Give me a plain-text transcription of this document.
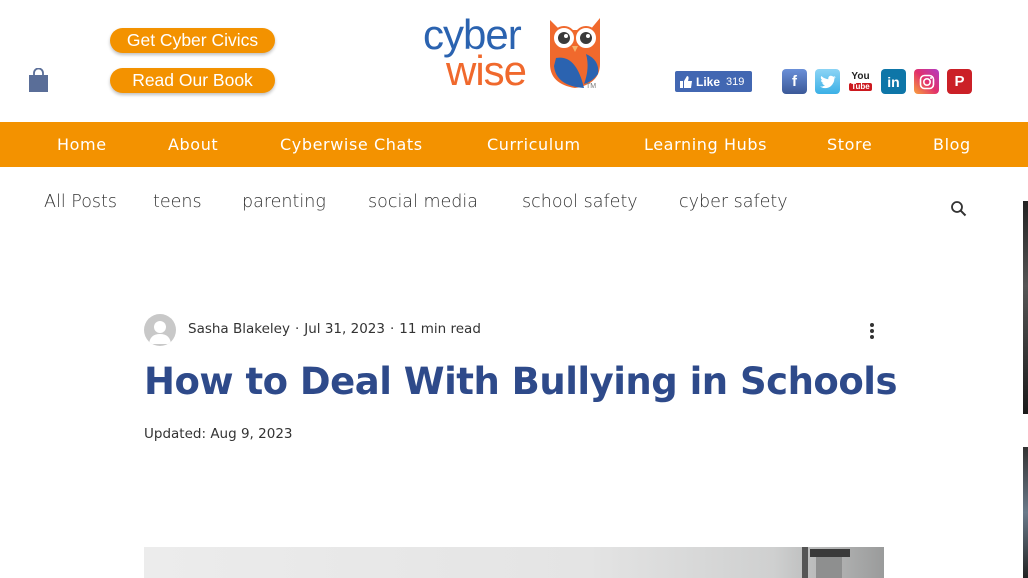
Get Cyber Civics
Read Our Book
cyber
wise	TM	Like 319	f	You
Tube	in	P
Home	About	Cyberwise Chats	Curriculum	Learning Hubs	Store	Blog
All Posts teens parenting social media	school safety cyber safety
Sasha Blakeley · Jul 31, 2023 · 11 min read
How to Deal With Bullying in Schools
Updated: Aug 9, 2023
